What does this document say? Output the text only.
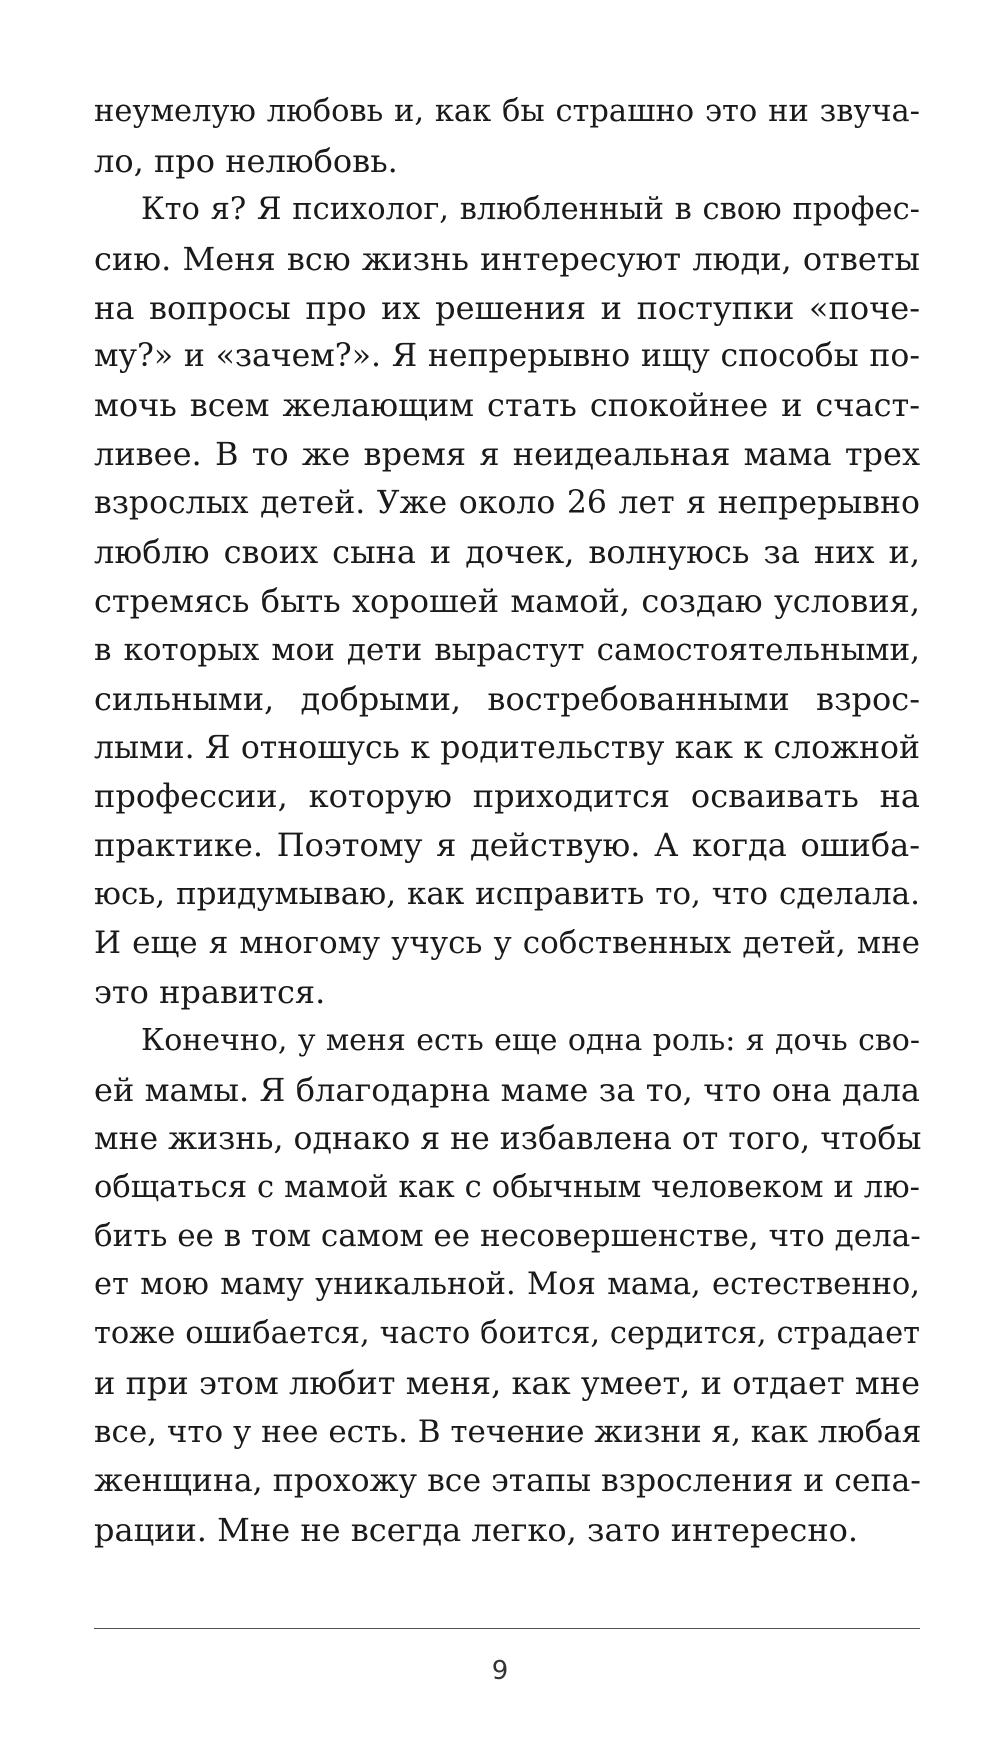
неумелую любовь и, как бы страшно это ни звуча-
ло, про нелюбовь.
Кто я? Я психолог, влюбленный в свою профес-
сию. Меня всю жизнь интересуют люди, ответы
на вопросы про их решения и поступки «поче-
му?» и «зачем?». Я непрерывно ищу способы по-
мочь всем желающим стать спокойнее и счаст-
ливее. В то же время я неидеальная мама трех
взрослых детей. Уже около 26 лет я непрерывно
люблю своих сына и дочек, волнуюсь за них и,
стремясь быть хорошей мамой, создаю условия,
в которых мои дети вырастут самостоятельными,
сильными, добрыми, востребованными взрос-
лыми. Я отношусь к родительству как к сложной
профессии, которую приходится осваивать на
практике. Поэтому я действую. А когда ошиба-
юсь, придумываю, как исправить то, что сделала.
И еще я многому учусь у собственных детей, мне
это нравится.
Конечно, у меня есть еще одна роль: я дочь сво-
ей мамы. Я благодарна маме за то, что она дала
мне жизнь, однако я не избавлена от того, чтобы
общаться с мамой как с обычным человеком и лю-
бить ее в том самом ее несовершенстве, что дела-
ет мою маму уникальной. Моя мама, естественно,
тоже ошибается, часто боится, сердится, страдает
и при этом любит меня, как умеет, и отдает мне
все, что у нее есть. В течение жизни я, как любая
женщина, прохожу все этапы взросления и сепа-
рации. Мне не всегда легко, зато интересно.
9
